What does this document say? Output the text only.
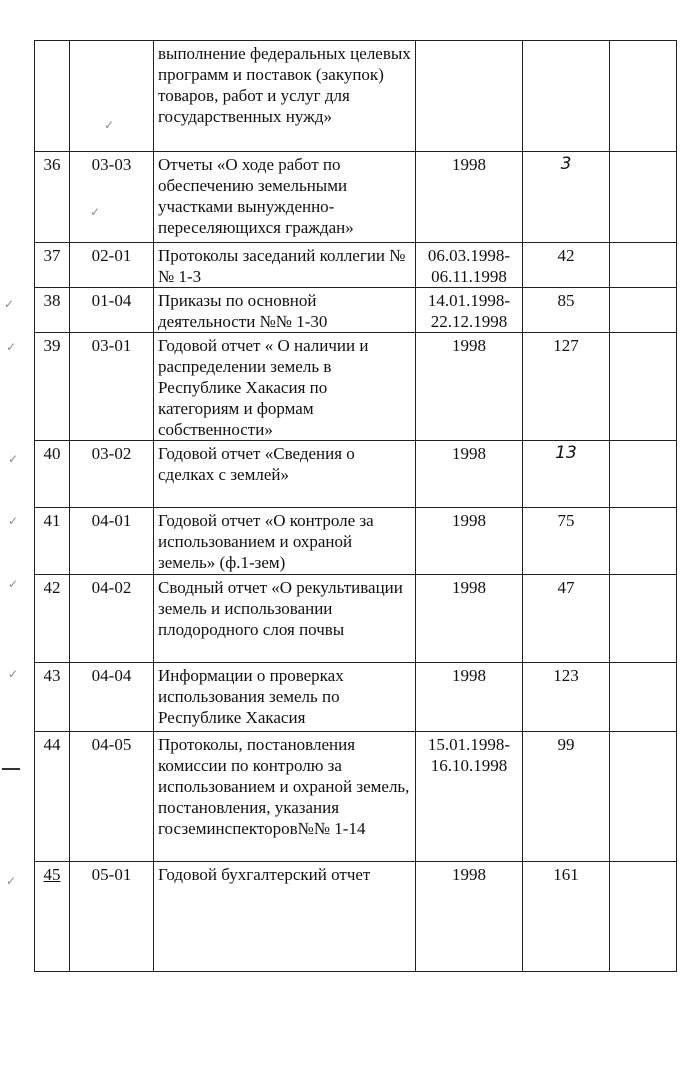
		выполнение федеральных целевых программ и поставок (закупок) товаров, работ и услуг для государственных нужд»			
36	03-03	Отчеты «О ходе работ по обеспечению земельными участками вынужденно-переселяющихся граждан»	1998	3	
37	02-01	Протоколы заседаний коллегии №№ 1-3	06.03.1998-06.11.1998	42	
38	01-04	Приказы по основной деятельности №№ 1-30	14.01.1998-22.12.1998	85	
39	03-01	Годовой отчет « О наличии и распределении земель в Республике Хакасия по категориям и формам собственности»	1998	127	
40	03-02	Годовой отчет «Сведения о сделках с землей»	1998	13	
41	04-01	Годовой отчет «О контроле за использованием и охраной земель» (ф.1-зем)	1998	75	
42	04-02	Сводный отчет «О рекультивации земель и использовании плодородного слоя почвы	1998	47	
43	04-04	Информации о проверках использования земель по Республике Хакасия	1998	123	
44	04-05	Протоколы, постановления комиссии по контролю за использованием и охраной земель, постановления, указания госземинспекторов№№ 1-14	15.01.1998-16.10.1998	99	
45	05-01	Годовой бухгалтерский отчет	1998	161	
✓
✓
✓
✓
✓
✓
✓
✓
✓
